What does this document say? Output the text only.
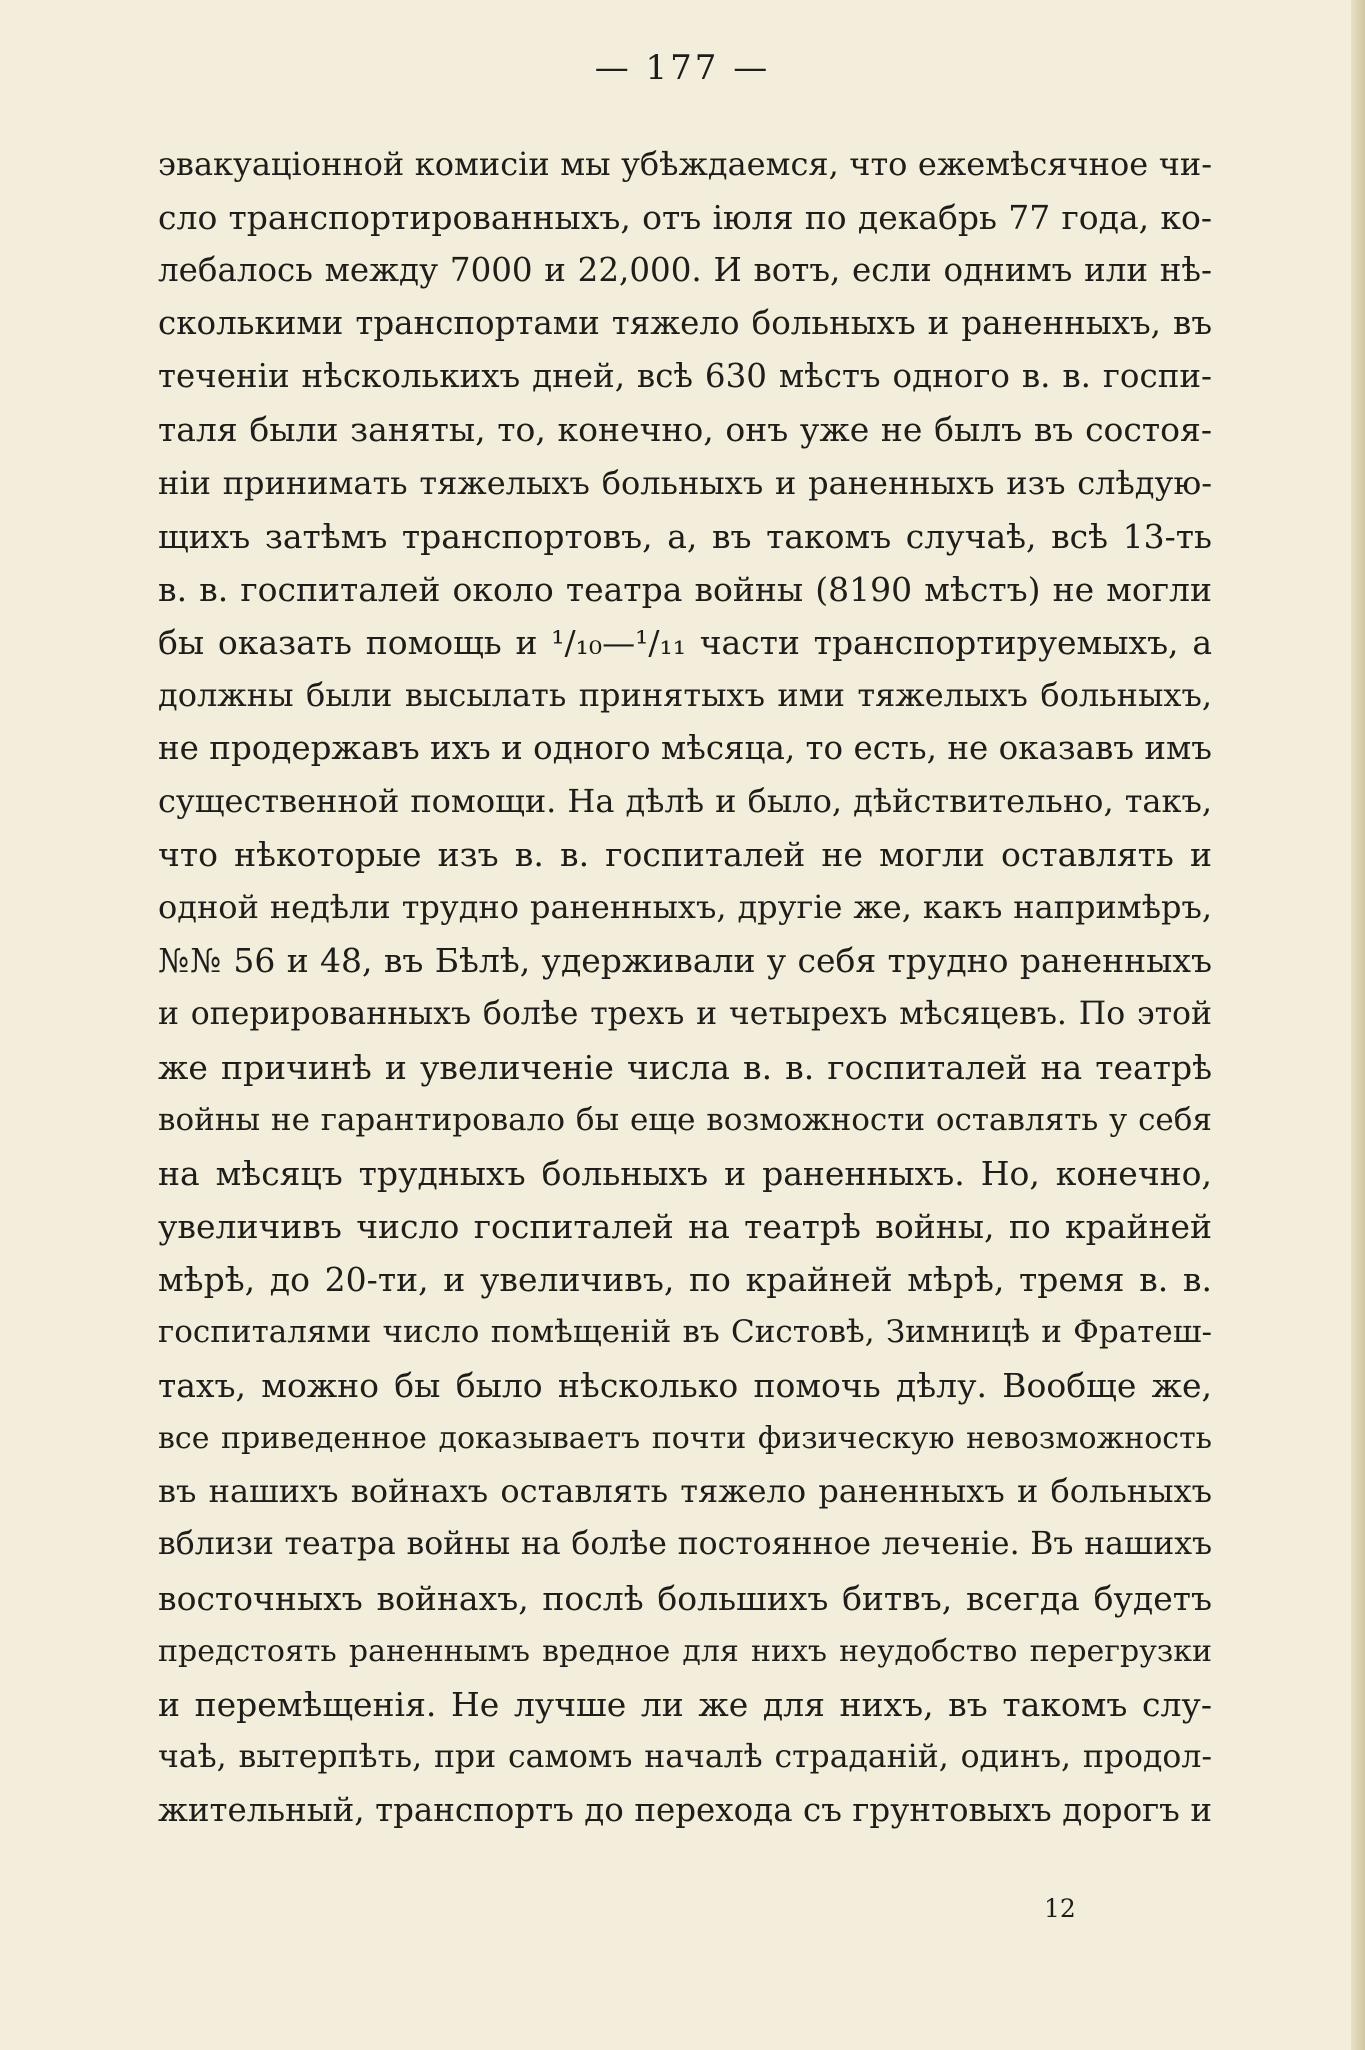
— 177 —
эвакуаціонной комисіи мы убѣждаемся, что ежемѣсячное чи-
сло транспортированныхъ, отъ іюля по декабрь 77 года, ко-
лебалось между 7000 и 22,000. И вотъ, если однимъ или нѣ-
сколькими транспортами тяжело больныхъ и раненныхъ, въ
теченіи нѣсколькихъ дней, всѣ 630 мѣстъ одного в. в. госпи-
таля были заняты, то, конечно, онъ уже не былъ въ состоя-
ніи принимать тяжелыхъ больныхъ и раненныхъ изъ слѣдую-
щихъ затѣмъ транспортовъ, а, въ такомъ случаѣ, всѣ 13-ть
в. в. госпиталей около театра войны (8190 мѣстъ) не могли
бы оказать помощь и ¹/₁₀—¹/₁₁ части транспортируемыхъ, а
должны были высылать принятыхъ ими тяжелыхъ больныхъ,
не продержавъ ихъ и одного мѣсяца, то есть, не оказавъ имъ
существенной помощи. На дѣлѣ и было, дѣйствительно, такъ,
что нѣкоторые изъ в. в. госпиталей не могли оставлять и
одной недѣли трудно раненныхъ, другіе же, какъ напримѣръ,
№№ 56 и 48, въ Бѣлѣ, удерживали у себя трудно раненныхъ
и оперированныхъ болѣе трехъ и четырехъ мѣсяцевъ. По этой
же причинѣ и увеличеніе числа в. в. госпиталей на театрѣ
войны не гарантировало бы еще возможности оставлять у себя
на мѣсяцъ трудныхъ больныхъ и раненныхъ. Но, конечно,
увеличивъ число госпиталей на театрѣ войны, по крайней
мѣрѣ, до 20-ти, и увеличивъ, по крайней мѣрѣ, тремя в. в.
госпиталями число помѣщеній въ Систовѣ, Зимницѣ и Фратеш-
тахъ, можно бы было нѣсколько помочь дѣлу. Вообще же,
все приведенное доказываетъ почти физическую невозможность
въ нашихъ войнахъ оставлять тяжело раненныхъ и больныхъ
вблизи театра войны на болѣе постоянное леченіе. Въ нашихъ
восточныхъ войнахъ, послѣ большихъ битвъ, всегда будетъ
предстоять раненнымъ вредное для нихъ неудобство перегрузки
и перемѣщенія. Не лучше ли же для нихъ, въ такомъ слу-
чаѣ, вытерпѣть, при самомъ началѣ страданій, одинъ, продол-
жительный, транспортъ до перехода съ грунтовыхъ дорогъ и
12
